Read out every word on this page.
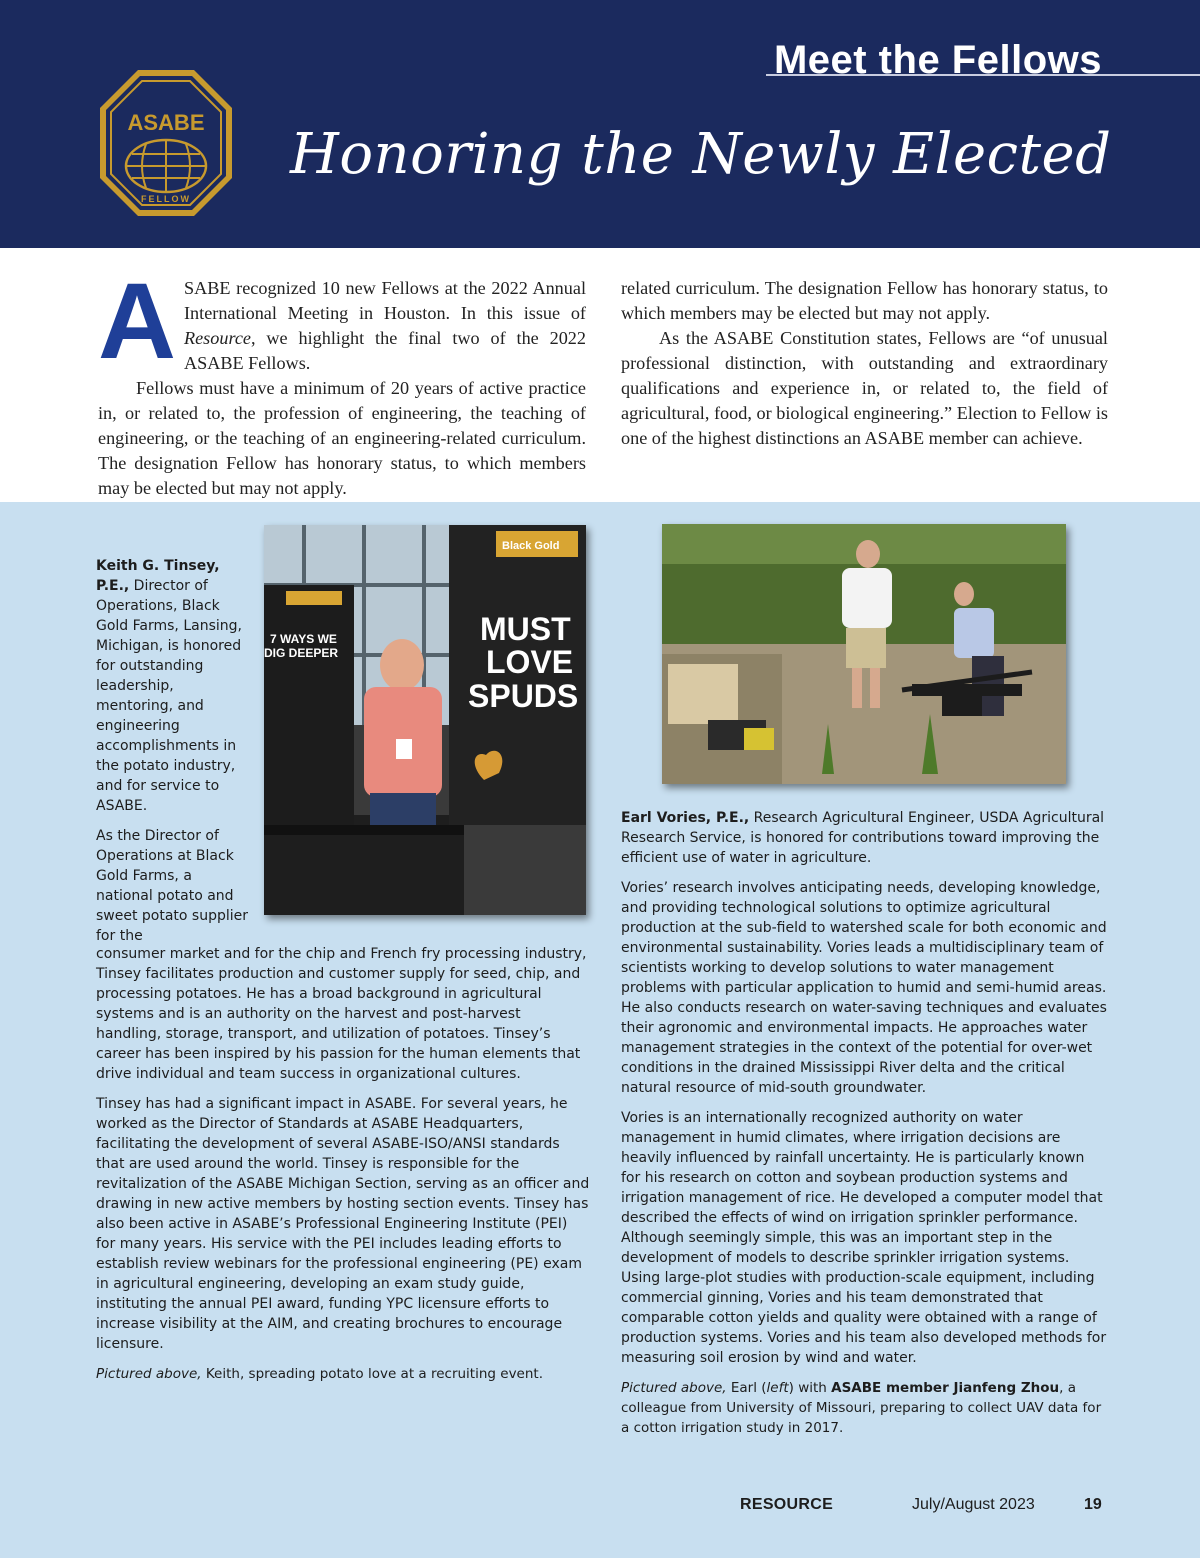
Meet the Fellows
ASABE
FELLOW
Honoring the Newly Elected

ASABE recognized 10 new Fellows at the 2022 Annual International Meeting in Houston. In this issue of Resource, we highlight the final two of the 2022 ASABE Fellows.

Fellows must have a minimum of 20 years of active practice in, or related to, the profession of engineering, the teaching of engineering, or the teaching of an engineering-related curriculum. The designation Fellow has honorary status, to which members may be elected but may not apply.

related curriculum. The designation Fellow has honorary status, to which members may be elected but may not apply.

As the ASABE Constitution states, Fellows are “of unusual professional distinction, with outstanding and extraordinary qualifications and experience in, or related to, the field of agricultural, food, or biological engineering.” Election to Fellow is one of the highest distinctions an ASABE member can achieve.

7 WAYS WE
DIG DEEPER
Black Gold
MUST
LOVE
SPUDS

Keith G. Tinsey, P.E., Director of Operations, Black Gold Farms, Lansing, Michigan, is honored for outstanding leadership, mentoring, and engineering accomplishments in the potato industry, and for service to ASABE.

As the Director of Operations at Black Gold Farms, a national potato and sweet potato supplier for the

consumer market and for the chip and French fry processing industry, Tinsey facilitates production and customer supply for seed, chip, and processing potatoes. He has a broad background in agricultural systems and is an authority on the harvest and post-harvest handling, storage, transport, and utilization of potatoes. Tinsey’s career has been inspired by his passion for the human elements that drive individual and team success in organizational cultures.

Tinsey has had a significant impact in ASABE. For several years, he worked as the Director of Standards at ASABE Headquarters, facilitating the development of several ASABE-ISO/ANSI standards that are used around the world. Tinsey is responsible for the revitalization of the ASABE Michigan Section, serving as an officer and drawing in new active members by hosting section events. Tinsey has also been active in ASABE’s Professional Engineering Institute (PEI) for many years. His service with the PEI includes leading efforts to establish review webinars for the professional engineering (PE) exam in agricultural engineering, developing an exam study guide, instituting the annual PEI award, funding YPC licensure efforts to increase visibility at the AIM, and creating brochures to encourage licensure.

Pictured above, Keith, spreading potato love at a recruiting event.

Earl Vories, P.E., Research Agricultural Engineer, USDA Agricultural Research Service, is honored for contributions toward improving the efficient use of water in agriculture.

Vories’ research involves anticipating needs, developing knowledge, and providing technological solutions to optimize agricultural production at the sub-field to watershed scale for both economic and environmental sustainability. Vories leads a multidisciplinary team of scientists working to develop solutions to water management problems with particular application to humid and semi-humid areas. He also conducts research on water-saving techniques and evaluates their agronomic and environmental impacts. He approaches water management strategies in the context of the potential for over-wet conditions in the drained Mississippi River delta and the critical natural resource of mid-south groundwater.

Vories is an internationally recognized authority on water management in humid climates, where irrigation decisions are heavily influenced by rainfall uncertainty. He is particularly known for his research on cotton and soybean production systems and irrigation management of rice. He developed a computer model that described the effects of wind on irrigation sprinkler performance. Although seemingly simple, this was an important step in the development of models to describe sprinkler irrigation systems. Using large-plot studies with production-scale equipment, including commercial ginning, Vories and his team demonstrated that comparable cotton yields and quality were obtained with a range of production systems. Vories and his team also developed methods for measuring soil erosion by wind and water.

Pictured above, Earl (left) with ASABE member Jianfeng Zhou, a colleague from University of Missouri, preparing to collect UAV data for a cotton irrigation study in 2017.

RESOURCE	July/August 2023	19
